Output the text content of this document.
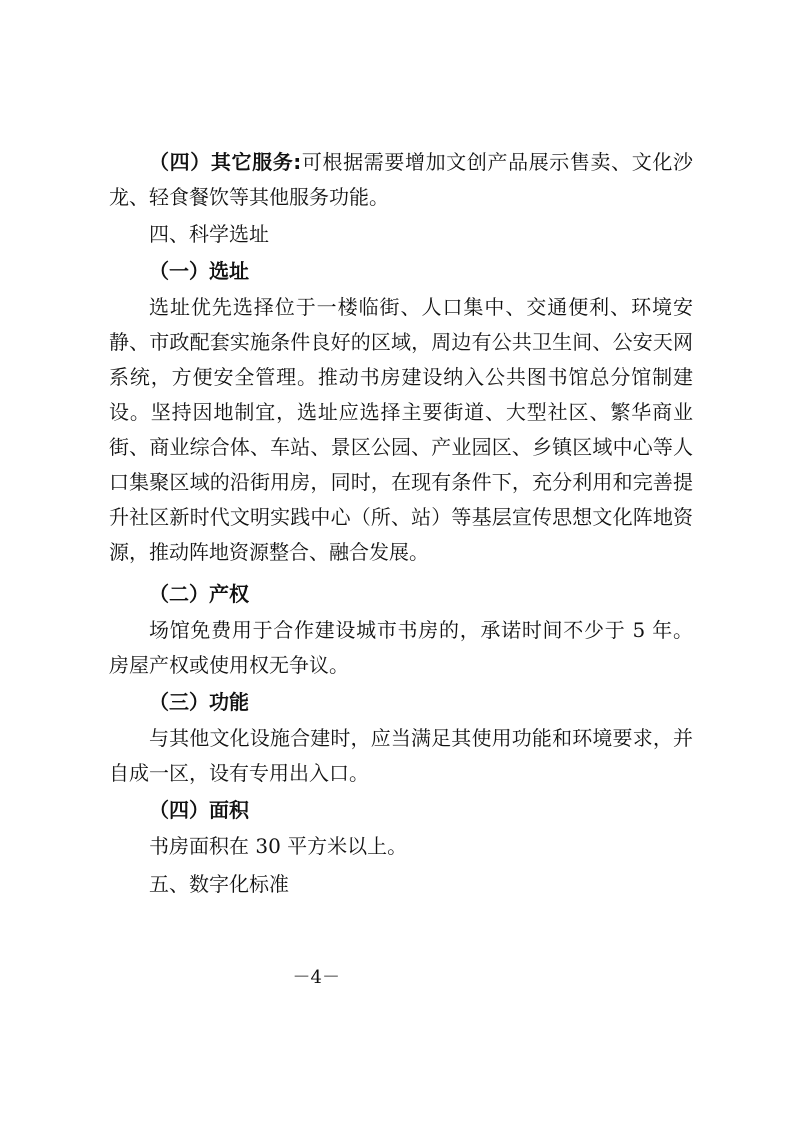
（四）其它服务:可根据需要增加文创产品展示售卖、文化沙龙、轻食餐饮等其他服务功能。

四、科学选址

（一）选址

选址优先选择位于一楼临街、人口集中、交通便利、环境安静、市政配套实施条件良好的区域，周边有公共卫生间、公安天网系统，方便安全管理。推动书房建设纳入公共图书馆总分馆制建设。坚持因地制宜，选址应选择主要街道、大型社区、繁华商业街、商业综合体、车站、景区公园、产业园区、乡镇区域中心等人口集聚区域的沿街用房，同时，在现有条件下，充分利用和完善提升社区新时代文明实践中心（所、站）等基层宣传思想文化阵地资源，推动阵地资源整合、融合发展。

（二）产权

场馆免费用于合作建设城市书房的，承诺时间不少于 5 年。房屋产权或使用权无争议。

（三）功能

与其他文化设施合建时，应当满足其使用功能和环境要求，并自成一区，设有专用出入口。

（四）面积

书房面积在 30 平方米以上。

五、数字化标准

－4－
